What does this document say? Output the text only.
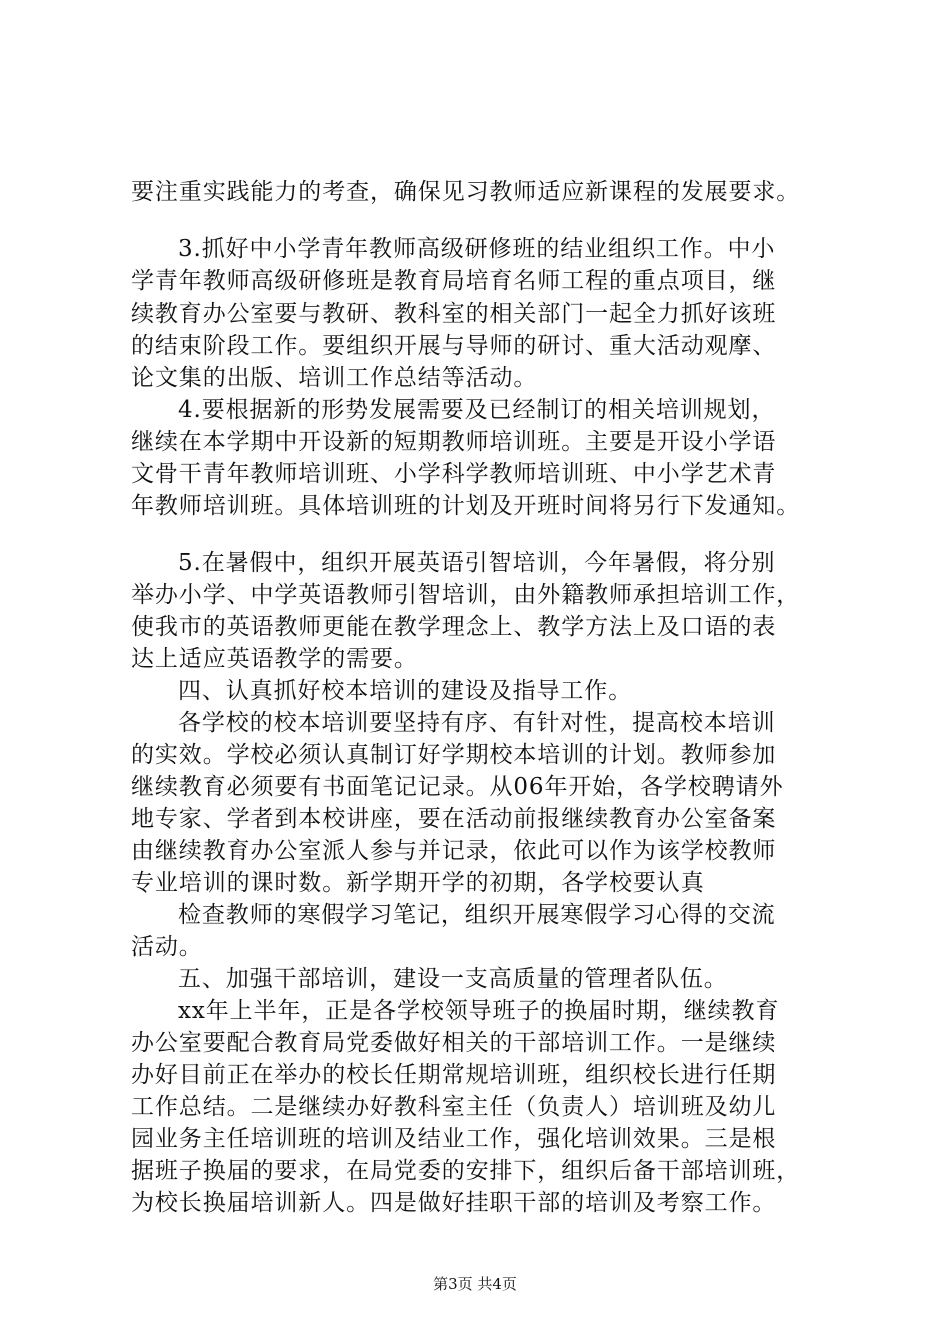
要注重实践能力的考查，确保见习教师适应新课程的发展要求。
3.抓好中小学青年教师高级研修班的结业组织工作。中小
学青年教师高级研修班是教育局培育名师工程的重点项目，继
续教育办公室要与教研、教科室的相关部门一起全力抓好该班
的结束阶段工作。要组织开展与导师的研讨、重大活动观摩、
论文集的出版、培训工作总结等活动。
4.要根据新的形势发展需要及已经制订的相关培训规划，
继续在本学期中开设新的短期教师培训班。主要是开设小学语
文骨干青年教师培训班、小学科学教师培训班、中小学艺术青
年教师培训班。具体培训班的计划及开班时间将另行下发通知。
5.在暑假中，组织开展英语引智培训，今年暑假，将分别
举办小学、中学英语教师引智培训，由外籍教师承担培训工作，
使我市的英语教师更能在教学理念上、教学方法上及口语的表
达上适应英语教学的需要。
四、认真抓好校本培训的建设及指导工作。
各学校的校本培训要坚持有序、有针对性，提高校本培训
的实效。学校必须认真制订好学期校本培训的计划。教师参加
继续教育必须要有书面笔记记录。从06年开始，各学校聘请外
地专家、学者到本校讲座，要在活动前报继续教育办公室备案
由继续教育办公室派人参与并记录，依此可以作为该学校教师
专业培训的课时数。新学期开学的初期，各学校要认真
检查教师的寒假学习笔记，组织开展寒假学习心得的交流
活动。
五、加强干部培训，建设一支高质量的管理者队伍。
xx年上半年，正是各学校领导班子的换届时期，继续教育
办公室要配合教育局党委做好相关的干部培训工作。一是继续
办好目前正在举办的校长任期常规培训班，组织校长进行任期
工作总结。二是继续办好教科室主任（负责人）培训班及幼儿
园业务主任培训班的培训及结业工作，强化培训效果。三是根
据班子换届的要求，在局党委的安排下，组织后备干部培训班，
为校长换届培训新人。四是做好挂职干部的培训及考察工作。
第3页 共4页
